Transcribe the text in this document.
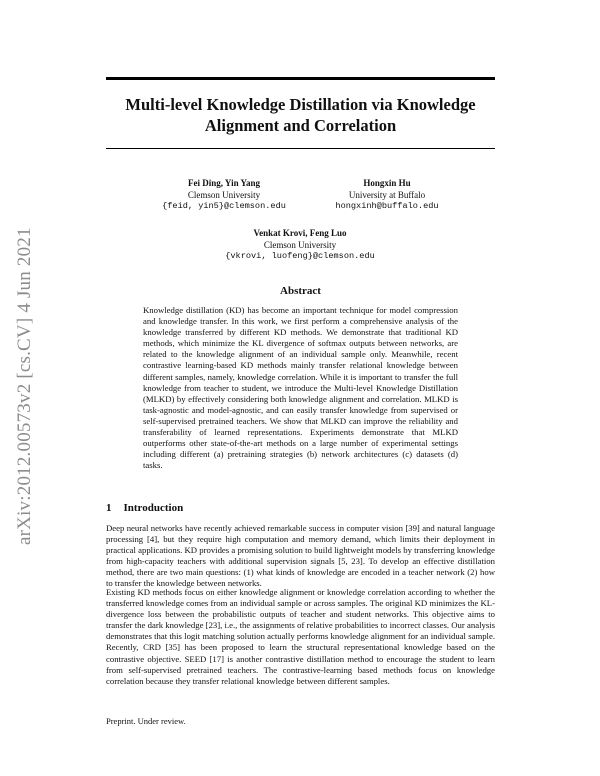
arXiv:2012.00573v2 [cs.CV] 4 Jun 2021
Multi-level Knowledge Distillation via Knowledge Alignment and Correlation
Fei Ding, Yin Yang
Clemson University
{feid, yin5}@clemson.edu
Hongxin Hu
University at Buffalo
hongxinh@buffalo.edu
Venkat Krovi, Feng Luo
Clemson University
{vkrovi, luofeng}@clemson.edu
Abstract
Knowledge distillation (KD) has become an important technique for model compression and knowledge transfer. In this work, we first perform a comprehensive analysis of the knowledge transferred by different KD methods. We demonstrate that traditional KD methods, which minimize the KL divergence of softmax outputs between networks, are related to the knowledge alignment of an individual sample only. Meanwhile, recent contrastive learning-based KD methods mainly transfer relational knowledge between different samples, namely, knowledge correlation. While it is important to transfer the full knowledge from teacher to student, we introduce the Multi-level Knowledge Distillation (MLKD) by effectively considering both knowledge alignment and correlation. MLKD is task-agnostic and model-agnostic, and can easily transfer knowledge from supervised or self-supervised pretrained teachers. We show that MLKD can improve the reliability and transferability of learned representations. Experiments demonstrate that MLKD outperforms other state-of-the-art methods on a large number of experimental settings including different (a) pretraining strategies (b) network architectures (c) datasets (d) tasks.
1 Introduction
Deep neural networks have recently achieved remarkable success in computer vision [39] and natural language processing [4], but they require high computation and memory demand, which limits their deployment in practical applications. KD provides a promising solution to build lightweight models by transferring knowledge from high-capacity teachers with additional supervision signals [5, 23]. To develop an effective distillation method, there are two main questions: (1) what kinds of knowledge are encoded in a teacher network (2) how to transfer the knowledge between networks.
Existing KD methods focus on either knowledge alignment or knowledge correlation according to whether the transferred knowledge comes from an individual sample or across samples. The original KD minimizes the KL-divergence loss between the probabilistic outputs of teacher and student networks. This objective aims to transfer the dark knowledge [23], i.e., the assignments of relative probabilities to incorrect classes. Our analysis demonstrates that this logit matching solution actually performs knowledge alignment for an individual sample. Recently, CRD [35] has been proposed to learn the structural representational knowledge based on the contrastive objective. SEED [17] is another contrastive distillation method to encourage the student to learn from self-supervised pretrained teachers. The contrastive-learning based methods focus on knowledge correlation because they transfer relational knowledge between different samples.
Preprint. Under review.
